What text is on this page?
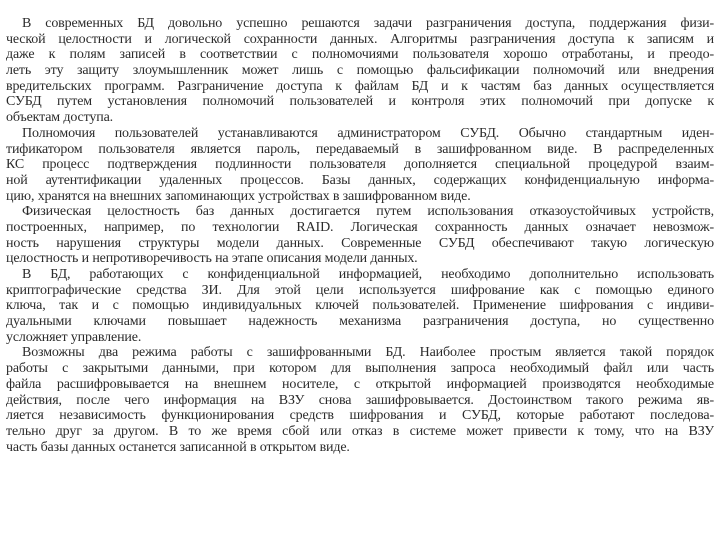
В современных БД довольно успешно решаются задачи разграничения доступа, поддержания физи-
ческой целостности и логической сохранности данных. Алгоритмы разграничения доступа к записям и
даже к полям записей в соответствии с полномочиями пользователя хорошо отработаны, и преодо-
леть эту защиту злоумышленник может лишь с помощью фальсификации полномочий или внедрения
вредительских программ. Разграничение доступа к файлам БД и к частям баз данных осуществляется
СУБД путем установления полномочий пользователей и контроля этих полномочий при допуске к
объектам доступа.
Полномочия пользователей устанавливаются администратором СУБД. Обычно стандартным иден-
тификатором пользователя является пароль, передаваемый в зашифрованном виде. В распределенных
КС процесс подтверждения подлинности пользователя дополняется специальной процедурой взаим-
ной аутентификации удаленных процессов. Базы данных, содержащих конфиденциальную информа-
цию, хранятся на внешних запоминающих устройствах в зашифрованном виде.
Физическая целостность баз данных достигается путем использования отказоустойчивых устройств,
построенных, например, по технологии RAID. Логическая сохранность данных означает невозмож-
ность нарушения структуры модели данных. Современные СУБД обеспечивают такую логическую
целостность и непротиворечивость на этапе описания модели данных.
В БД, работающих с конфиденциальной информацией, необходимо дополнительно использовать
криптографические средства ЗИ. Для этой цели используется шифрование как с помощью единого
ключа, так и с помощью индивидуальных ключей пользователей. Применение шифрования с индиви-
дуальными ключами повышает надежность механизма разграничения доступа, но существенно
усложняет управление.
Возможны два режима работы с зашифрованными БД. Наиболее простым является такой порядок
работы с закрытыми данными, при котором для выполнения запроса необходимый файл или часть
файла расшифровывается на внешнем носителе, с открытой информацией производятся необходимые
действия, после чего информация на ВЗУ снова зашифровывается. Достоинством такого режима яв-
ляется независимость функционирования средств шифрования и СУБД, которые работают последова-
тельно друг за другом. В то же время сбой или отказ в системе может привести к тому, что на ВЗУ
часть базы данных останется записанной в открытом виде.
